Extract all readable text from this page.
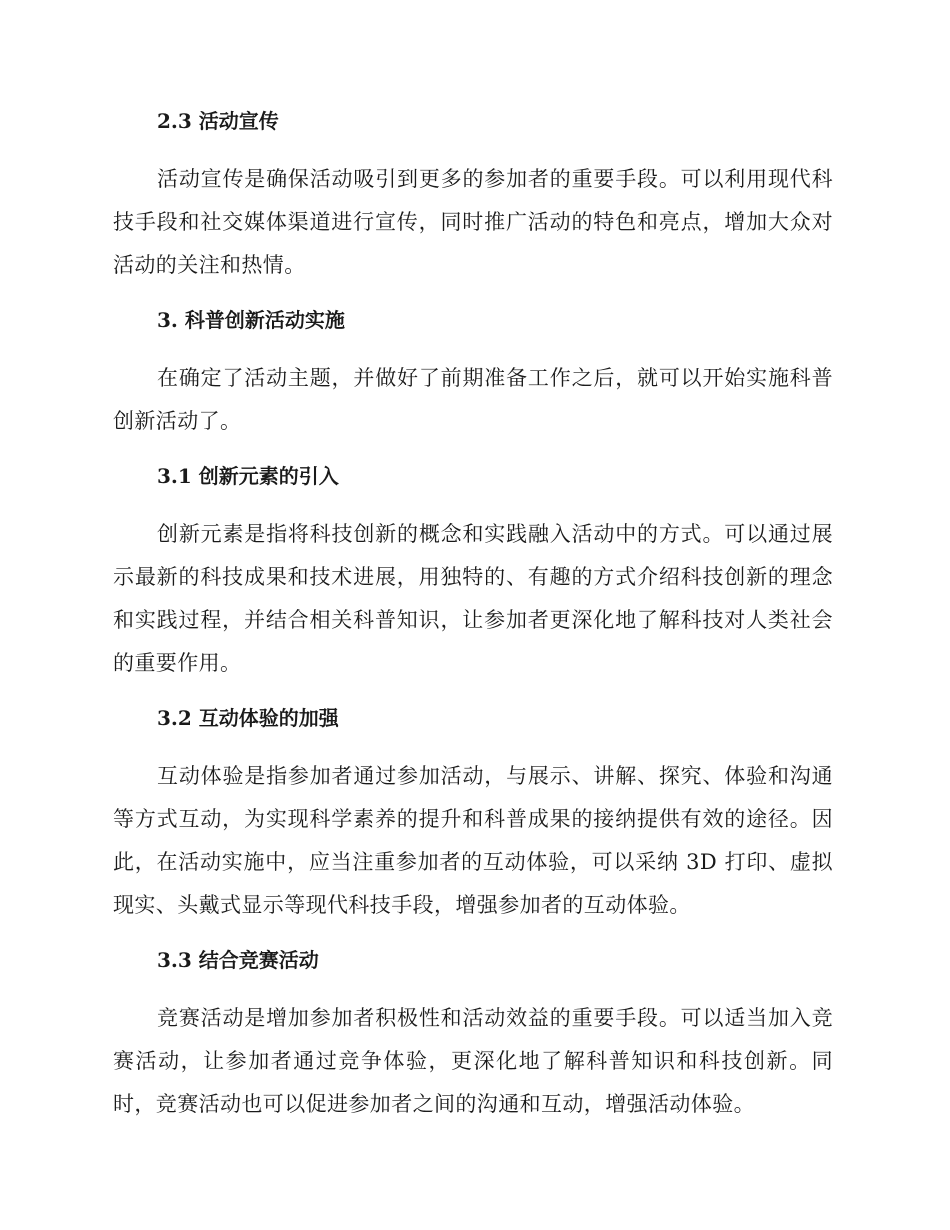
2.3 活动宣传

活动宣传是确保活动吸引到更多的参加者的重要手段。可以利用现代科技手段和社交媒体渠道进行宣传，同时推广活动的特色和亮点，增加大众对活动的关注和热情。

3. 科普创新活动实施

在确定了活动主题，并做好了前期准备工作之后，就可以开始实施科普创新活动了。

3.1 创新元素的引入

创新元素是指将科技创新的概念和实践融入活动中的方式。可以通过展示最新的科技成果和技术进展，用独特的、有趣的方式介绍科技创新的理念和实践过程，并结合相关科普知识，让参加者更深化地了解科技对人类社会的重要作用。

3.2 互动体验的加强

互动体验是指参加者通过参加活动，与展示、讲解、探究、体验和沟通等方式互动，为实现科学素养的提升和科普成果的接纳提供有效的途径。因此，在活动实施中，应当注重参加者的互动体验，可以采纳 3D 打印、虚拟现实、头戴式显示等现代科技手段，增强参加者的互动体验。

3.3 结合竞赛活动

竞赛活动是增加参加者积极性和活动效益的重要手段。可以适当加入竞赛活动，让参加者通过竞争体验，更深化地了解科普知识和科技创新。同时，竞赛活动也可以促进参加者之间的沟通和互动，增强活动体验。
